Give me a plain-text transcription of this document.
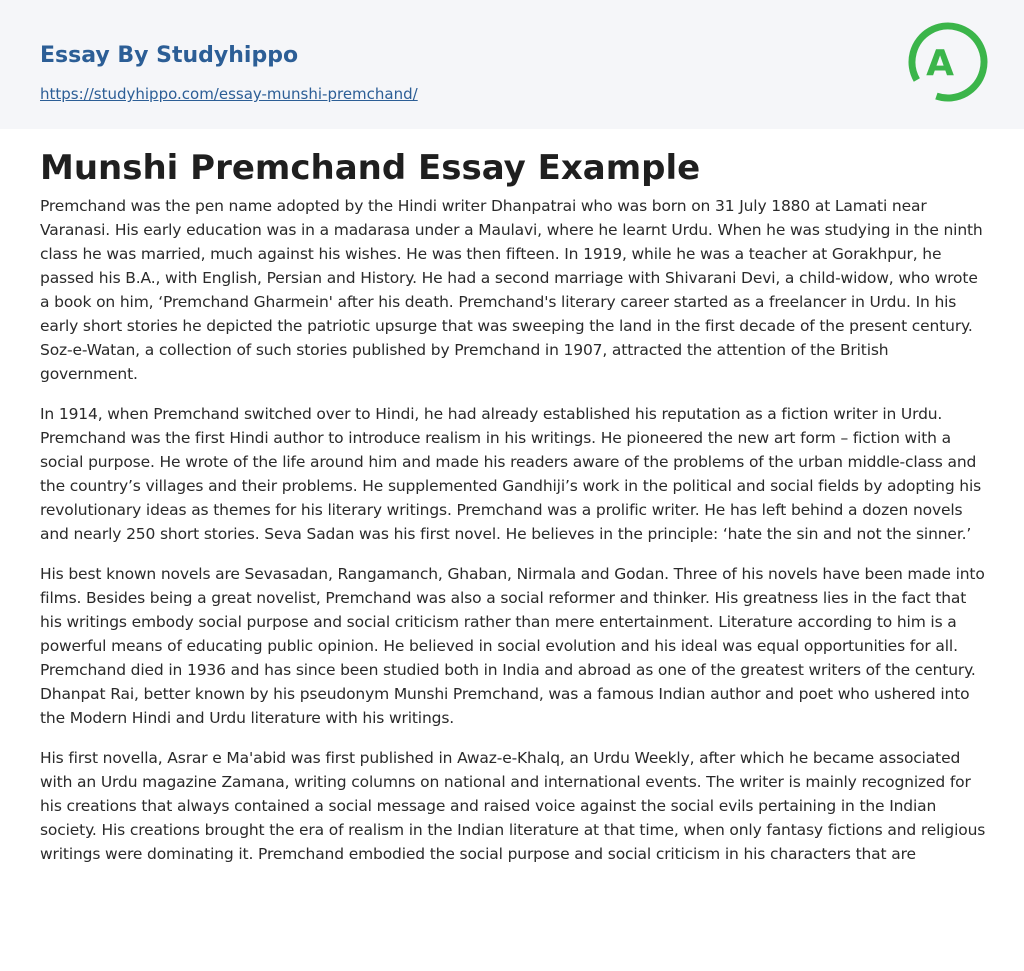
Essay By Studyhippo
https://studyhippo.com/essay-munshi-premchand/
A
Munshi Premchand Essay Example

Premchand was the pen name adopted by the Hindi writer Dhanpatrai who was born on 31 July 1880 at Lamati near Varanasi. His early education was in a madarasa under a Maulavi, where he learnt Urdu. When he was studying in the ninth class he was married, much against his wishes. He was then fifteen. In 1919, while he was a teacher at Gorakhpur, he passed his B.A., with English, Persian and History. He had a second marriage with Shivarani Devi, a child-widow, who wrote a book on him, ‘Premchand Gharmein' after his death. Premchand's literary career started as a freelancer in Urdu. In his early short stories he depicted the patriotic upsurge that was sweeping the land in the first decade of the present century. Soz-e-Watan, a collection of such stories published by Premchand in 1907, attracted the attention of the British government.

In 1914, when Premchand switched over to Hindi, he had already established his reputation as a fiction writer in Urdu. Premchand was the first Hindi author to introduce realism in his writings. He pioneered the new art form – fiction with a social purpose. He wrote of the life around him and made his readers aware of the problems of the urban middle-class and the country’s villages and their problems. He supplemented Gandhiji’s work in the political and social fields by adopting his revolutionary ideas as themes for his literary writings. Premchand was a prolific writer. He has left behind a dozen novels and nearly 250 short stories. Seva Sadan was his first novel. He believes in the principle: ‘hate the sin and not the sinner.’

His best known novels are Sevasadan, Rangamanch, Ghaban, Nirmala and Godan. Three of his novels have been made into films. Besides being a great novelist, Premchand was also a social reformer and thinker. His greatness lies in the fact that his writings embody social purpose and social criticism rather than mere entertainment. Literature according to him is a powerful means of educating public opinion. He believed in social evolution and his ideal was equal opportunities for all. Premchand died in 1936 and has since been studied both in India and abroad as one of the greatest writers of the century. Dhanpat Rai, better known by his pseudonym Munshi Premchand, was a famous Indian author and poet who ushered into the Modern Hindi and Urdu literature with his writings.

His first novella, Asrar e Ma'abid was first published in Awaz-e-Khalq, an Urdu Weekly, after which he became associated with an Urdu magazine Zamana, writing columns on national and international events. The writer is mainly recognized for his creations that always contained a social message and raised voice against the social evils pertaining in the Indian society. His creations brought the era of realism in the Indian literature at that time, when only fantasy fictions and religious writings were dominating it. Premchand embodied the social purpose and social criticism in his characters that are
